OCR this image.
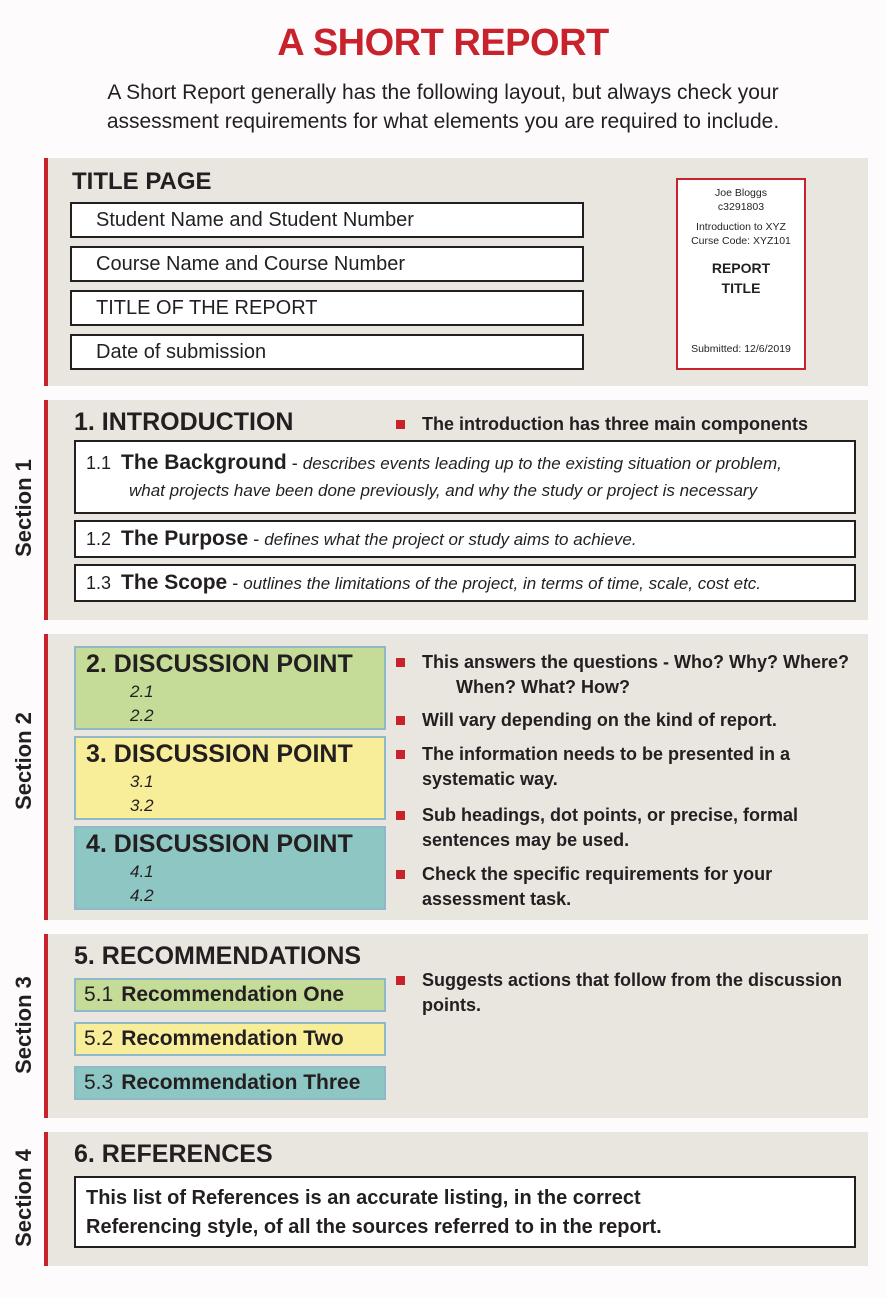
A SHORT REPORT
A Short Report generally has the following layout, but always check your
assessment requirements for what elements you are required to include.
TITLE PAGE
Student Name and Student Number
Course Name and Course Number
TITLE OF THE REPORT
Date of submission
Joe Bloggs
c3291803
Introduction to XYZ
Curse Code: XYZ101
REPORT
TITLE
Submitted: 12/6/2019
Section 1
1. INTRODUCTION	The introduction has three main components
1.1 The Background - describes events leading up to the existing situation or problem,
what projects have been done previously, and why the study or project is necessary
1.2 The Purpose - defines what the project or study aims to achieve.
1.3 The Scope - outlines the limitations of the project, in terms of time, scale, cost etc.
Section 2
2. DISCUSSION POINT
2.1
2.2
3. DISCUSSION POINT
3.1
3.2
4. DISCUSSION POINT
4.1
4.2
This answers the questions - Who? Why? Where?
When? What? How?
Will vary depending on the kind of report.
The information needs to be presented in a
systematic way.
Sub headings, dot points, or precise, formal
sentences may be used.
Check the specific requirements for your
assessment task.
Section 3
5. RECOMMENDATIONS
5.1 Recommendation One
5.2 Recommendation Two
5.3 Recommendation Three
Suggests actions that follow from the discussion
points.
Section 4 6. REFERENCES
This list of References is an accurate listing, in the correct
Referencing style, of all the sources referred to in the report.
